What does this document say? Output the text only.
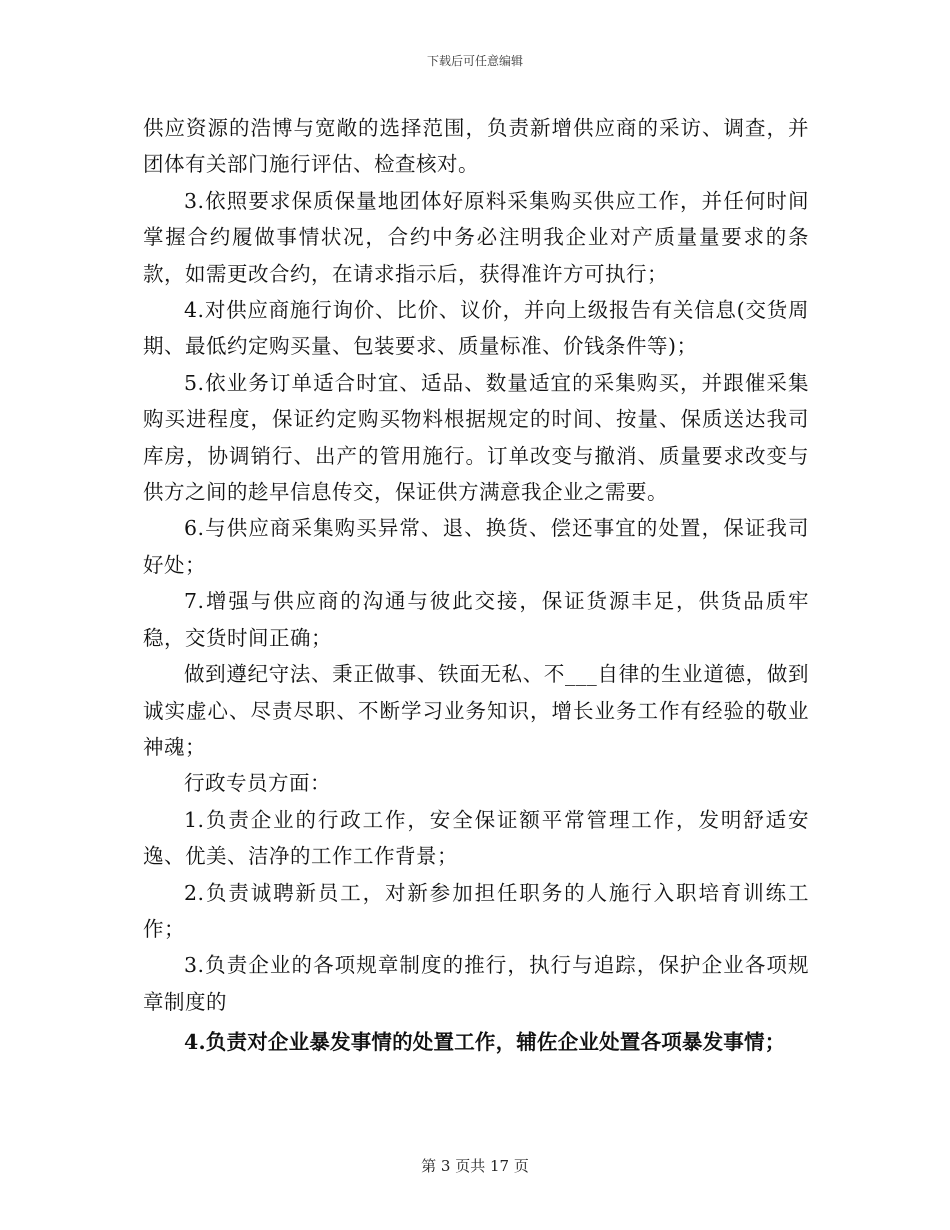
下载后可任意编辑

供应资源的浩博与宽敞的选择范围，负责新增供应商的采访、调查，并团体有关部门施行评估、检查核对。

3.依照要求保质保量地团体好原料采集购买供应工作，并任何时间掌握合约履做事情状况，合约中务必注明我企业对产质量量要求的条款，如需更改合约，在请求指示后，获得准许方可执行；

4.对供应商施行询价、比价、议价，并向上级报告有关信息(交货周期、最低约定购买量、包装要求、质量标准、价钱条件等)；

5.依业务订单适合时宜、适品、数量适宜的采集购买，并跟催采集购买进程度，保证约定购买物料根据规定的时间、按量、保质送达我司库房，协调销行、出产的管用施行。订单改变与撤消、质量要求改变与供方之间的趁早信息传交，保证供方满意我企业之需要。

6.与供应商采集购买异常、退、换货、偿还事宜的处置，保证我司好处；

7.增强与供应商的沟通与彼此交接，保证货源丰足，供货品质牢稳，交货时间正确；

做到遵纪守法、秉正做事、铁面无私、不___自律的生业道德，做到诚实虚心、尽责尽职、不断学习业务知识，增长业务工作有经验的敬业神魂；

行政专员方面：

1.负责企业的行政工作，安全保证额平常管理工作，发明舒适安逸、优美、洁净的工作工作背景；

2.负责诚聘新员工，对新参加担任职务的人施行入职培育训练工作；

3.负责企业的各项规章制度的推行，执行与追踪，保护企业各项规章制度的

4.负责对企业暴发事情的处置工作，辅佐企业处置各项暴发事情；

第 3 页共 17 页
